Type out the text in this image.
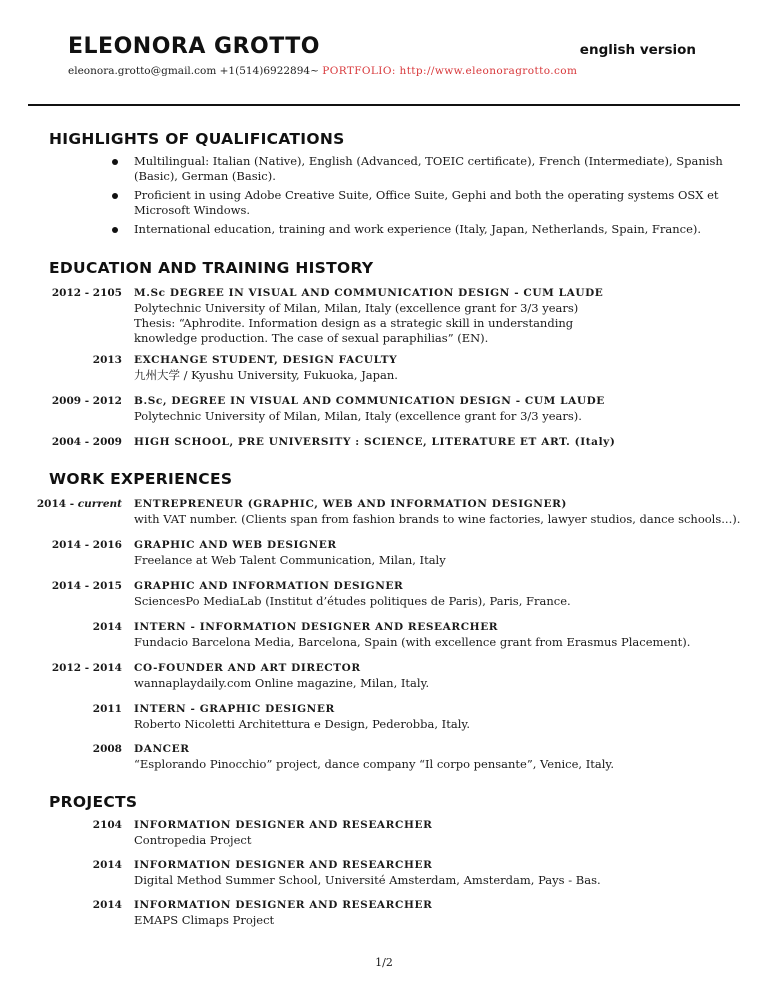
ELEONORA GROTTO	english version
eleonora.grotto@gmail.com +1(514)6922894~ PORTFOLIO: http://www.eleonoragrotto.com
HIGHLIGHTS OF QUALIFICATIONS
Multilingual: Italian (Native), English (Advanced, TOEIC certificate), French (Intermediate), Spanish (Basic), German (Basic).
Proficient in using Adobe Creative Suite, Office Suite, Gephi and both the operating systems OSX et Microsoft Windows.
International education, training and work experience (Italy, Japan, Netherlands, Spain, France).
EDUCATION AND TRAINING HISTORY
2012 - 2105 M.Sc DEGREE IN VISUAL AND COMMUNICATION DESIGN - CUM LAUDE
Polytechnic University of Milan, Milan, Italy (excellence grant for 3/3 years)
Thesis: “Aphrodite. Information design as a strategic skill in understanding
knowledge production. The case of sexual paraphilias” (EN).
2013 EXCHANGE STUDENT, DESIGN FACULTY
九州大学 / Kyushu University, Fukuoka, Japan.
2009 - 2012 B.Sc, DEGREE IN VISUAL AND COMMUNICATION DESIGN - CUM LAUDE
Polytechnic University of Milan, Milan, Italy (excellence grant for 3/3 years).
2004 - 2009 HIGH SCHOOL, PRE UNIVERSITY : SCIENCE, LITERATURE ET ART. (Italy)
WORK EXPERIENCES
2014 - current ENTREPRENEUR (GRAPHIC, WEB AND INFORMATION DESIGNER)
with VAT number. (Clients span from fashion brands to wine factories, lawyer studios, dance schools...).
2014 - 2016 GRAPHIC AND WEB DESIGNER
Freelance at Web Talent Communication, Milan, Italy
2014 - 2015 GRAPHIC AND INFORMATION DESIGNER
SciencesPo MediaLab (Institut d’études politiques de Paris), Paris, France.
2014 INTERN - INFORMATION DESIGNER AND RESEARCHER
Fundacio Barcelona Media, Barcelona, Spain (with excellence grant from Erasmus Placement).
2012 - 2014 CO-FOUNDER AND ART DIRECTOR
wannaplaydaily.com Online magazine, Milan, Italy.
2011 INTERN - GRAPHIC DESIGNER
Roberto Nicoletti Architettura e Design, Pederobba, Italy.
2008 DANCER
“Esplorando Pinocchio” project, dance company “Il corpo pensante”, Venice, Italy.
PROJECTS
2104 INFORMATION DESIGNER AND RESEARCHER
Contropedia Project
2014 INFORMATION DESIGNER AND RESEARCHER
Digital Method Summer School, Université Amsterdam, Amsterdam, Pays - Bas.
2014 INFORMATION DESIGNER AND RESEARCHER
EMAPS Climaps Project
1/2
